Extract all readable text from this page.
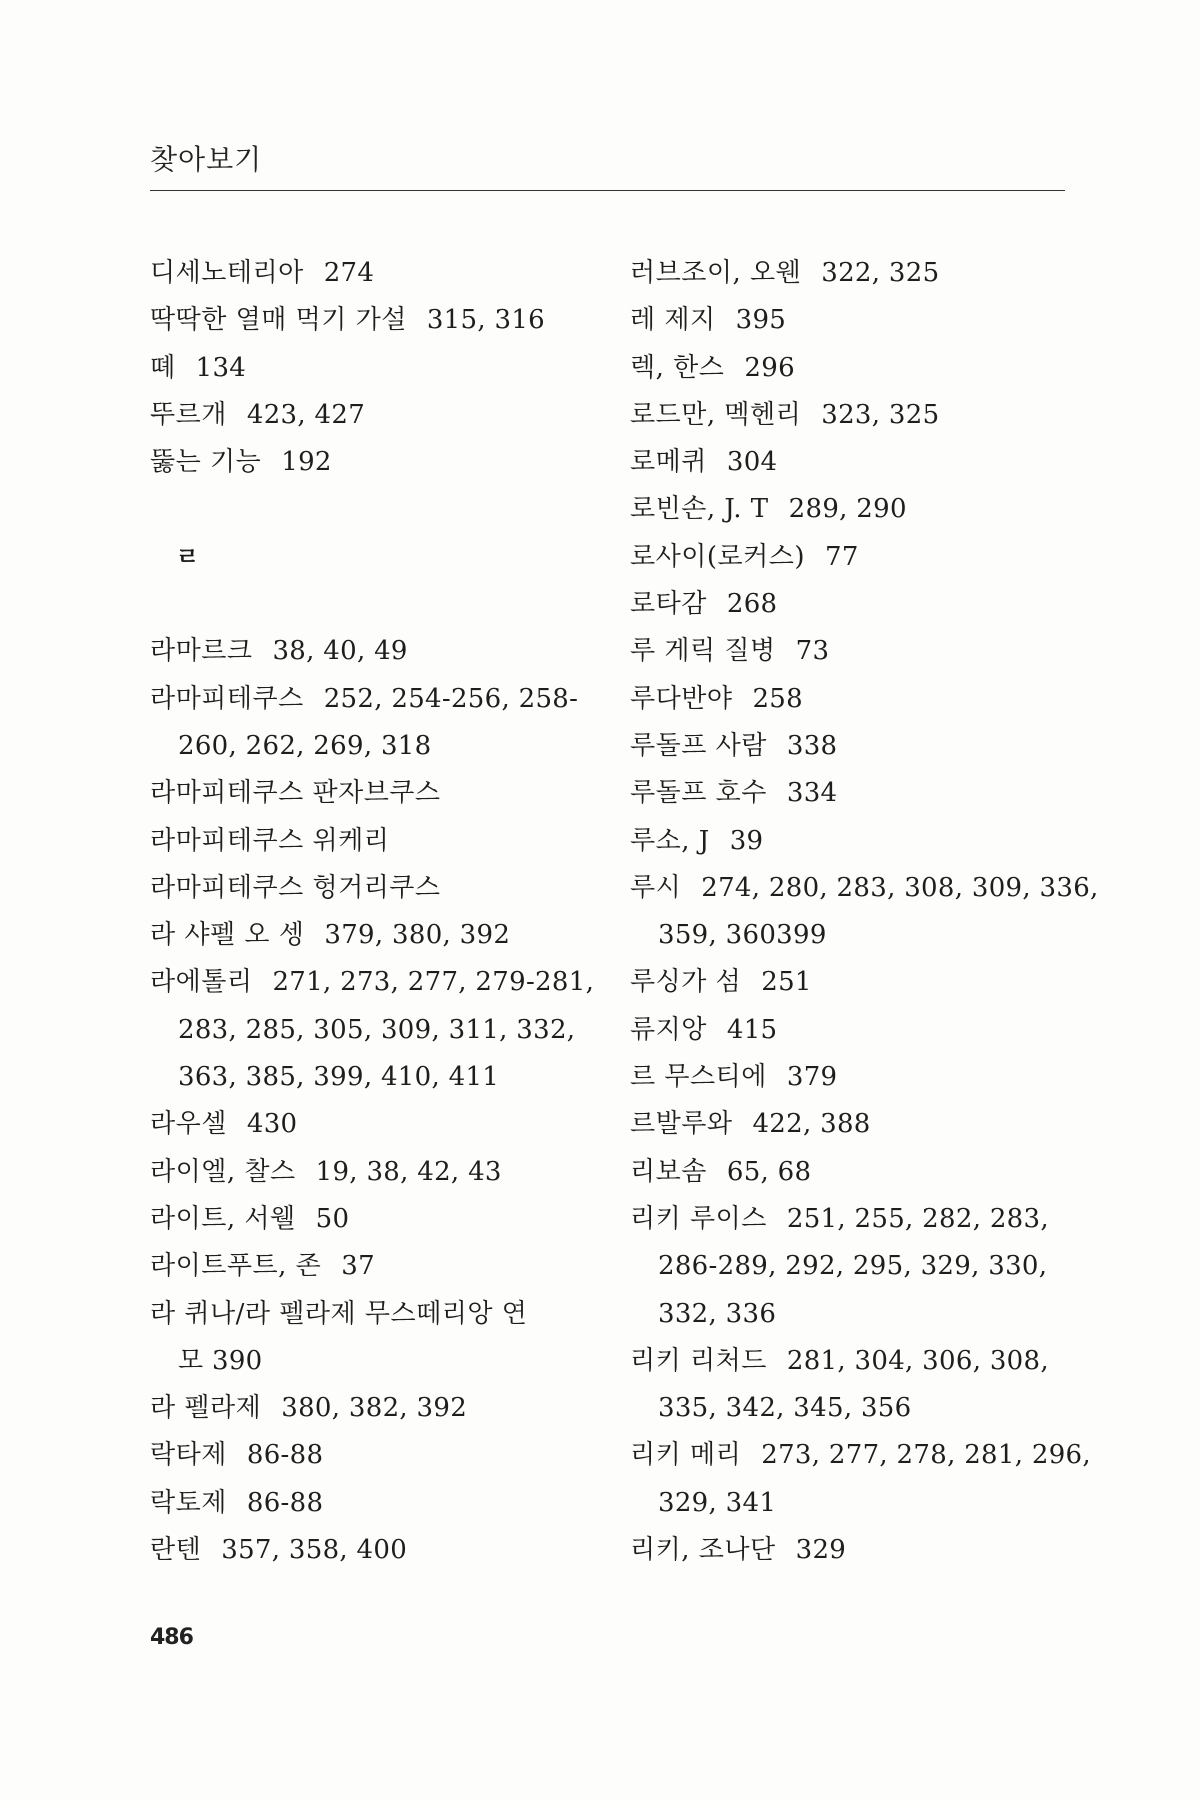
찾아보기
디세노테리아 274
딱딱한 열매 먹기 가설 315, 316
뗴 134
뚜르개 423, 427
뚫는 기능 192
ㄹ
라마르크 38, 40, 49
라마피테쿠스 252, 254-256, 258-
260, 262, 269, 318
라마피테쿠스 판자브쿠스
라마피테쿠스 위케리
라마피테쿠스 헝거리쿠스
라 샤펠 오 셍 379, 380, 392
라에톨리 271, 273, 277, 279-281,
283, 285, 305, 309, 311, 332,
363, 385, 399, 410, 411
라우셀 430
라이엘, 찰스 19, 38, 42, 43
라이트, 서웰 50
라이트푸트, 존 37
라 퀴나/라 펠라제 무스떼리앙 연
모 390
라 펠라제 380, 382, 392
락타제 86-88
락토제 86-88
란텐 357, 358, 400
러브조이, 오웬 322, 325
레 제지 395
렉, 한스 296
로드만, 멕헨리 323, 325
로메퀴 304
로빈손, J. T 289, 290
로사이(로커스) 77
로타감 268
루 게릭 질병 73
루다반야 258
루돌프 사람 338
루돌프 호수 334
루소, J 39
루시 274, 280, 283, 308, 309, 336,
359, 360399
루싱가 섬 251
류지앙 415
르 무스티에 379
르발루와 422, 388
리보솜 65, 68
리키 루이스 251, 255, 282, 283,
286-289, 292, 295, 329, 330,
332, 336
리키 리처드 281, 304, 306, 308,
335, 342, 345, 356
리키 메리 273, 277, 278, 281, 296,
329, 341
리키, 조나단 329
486
